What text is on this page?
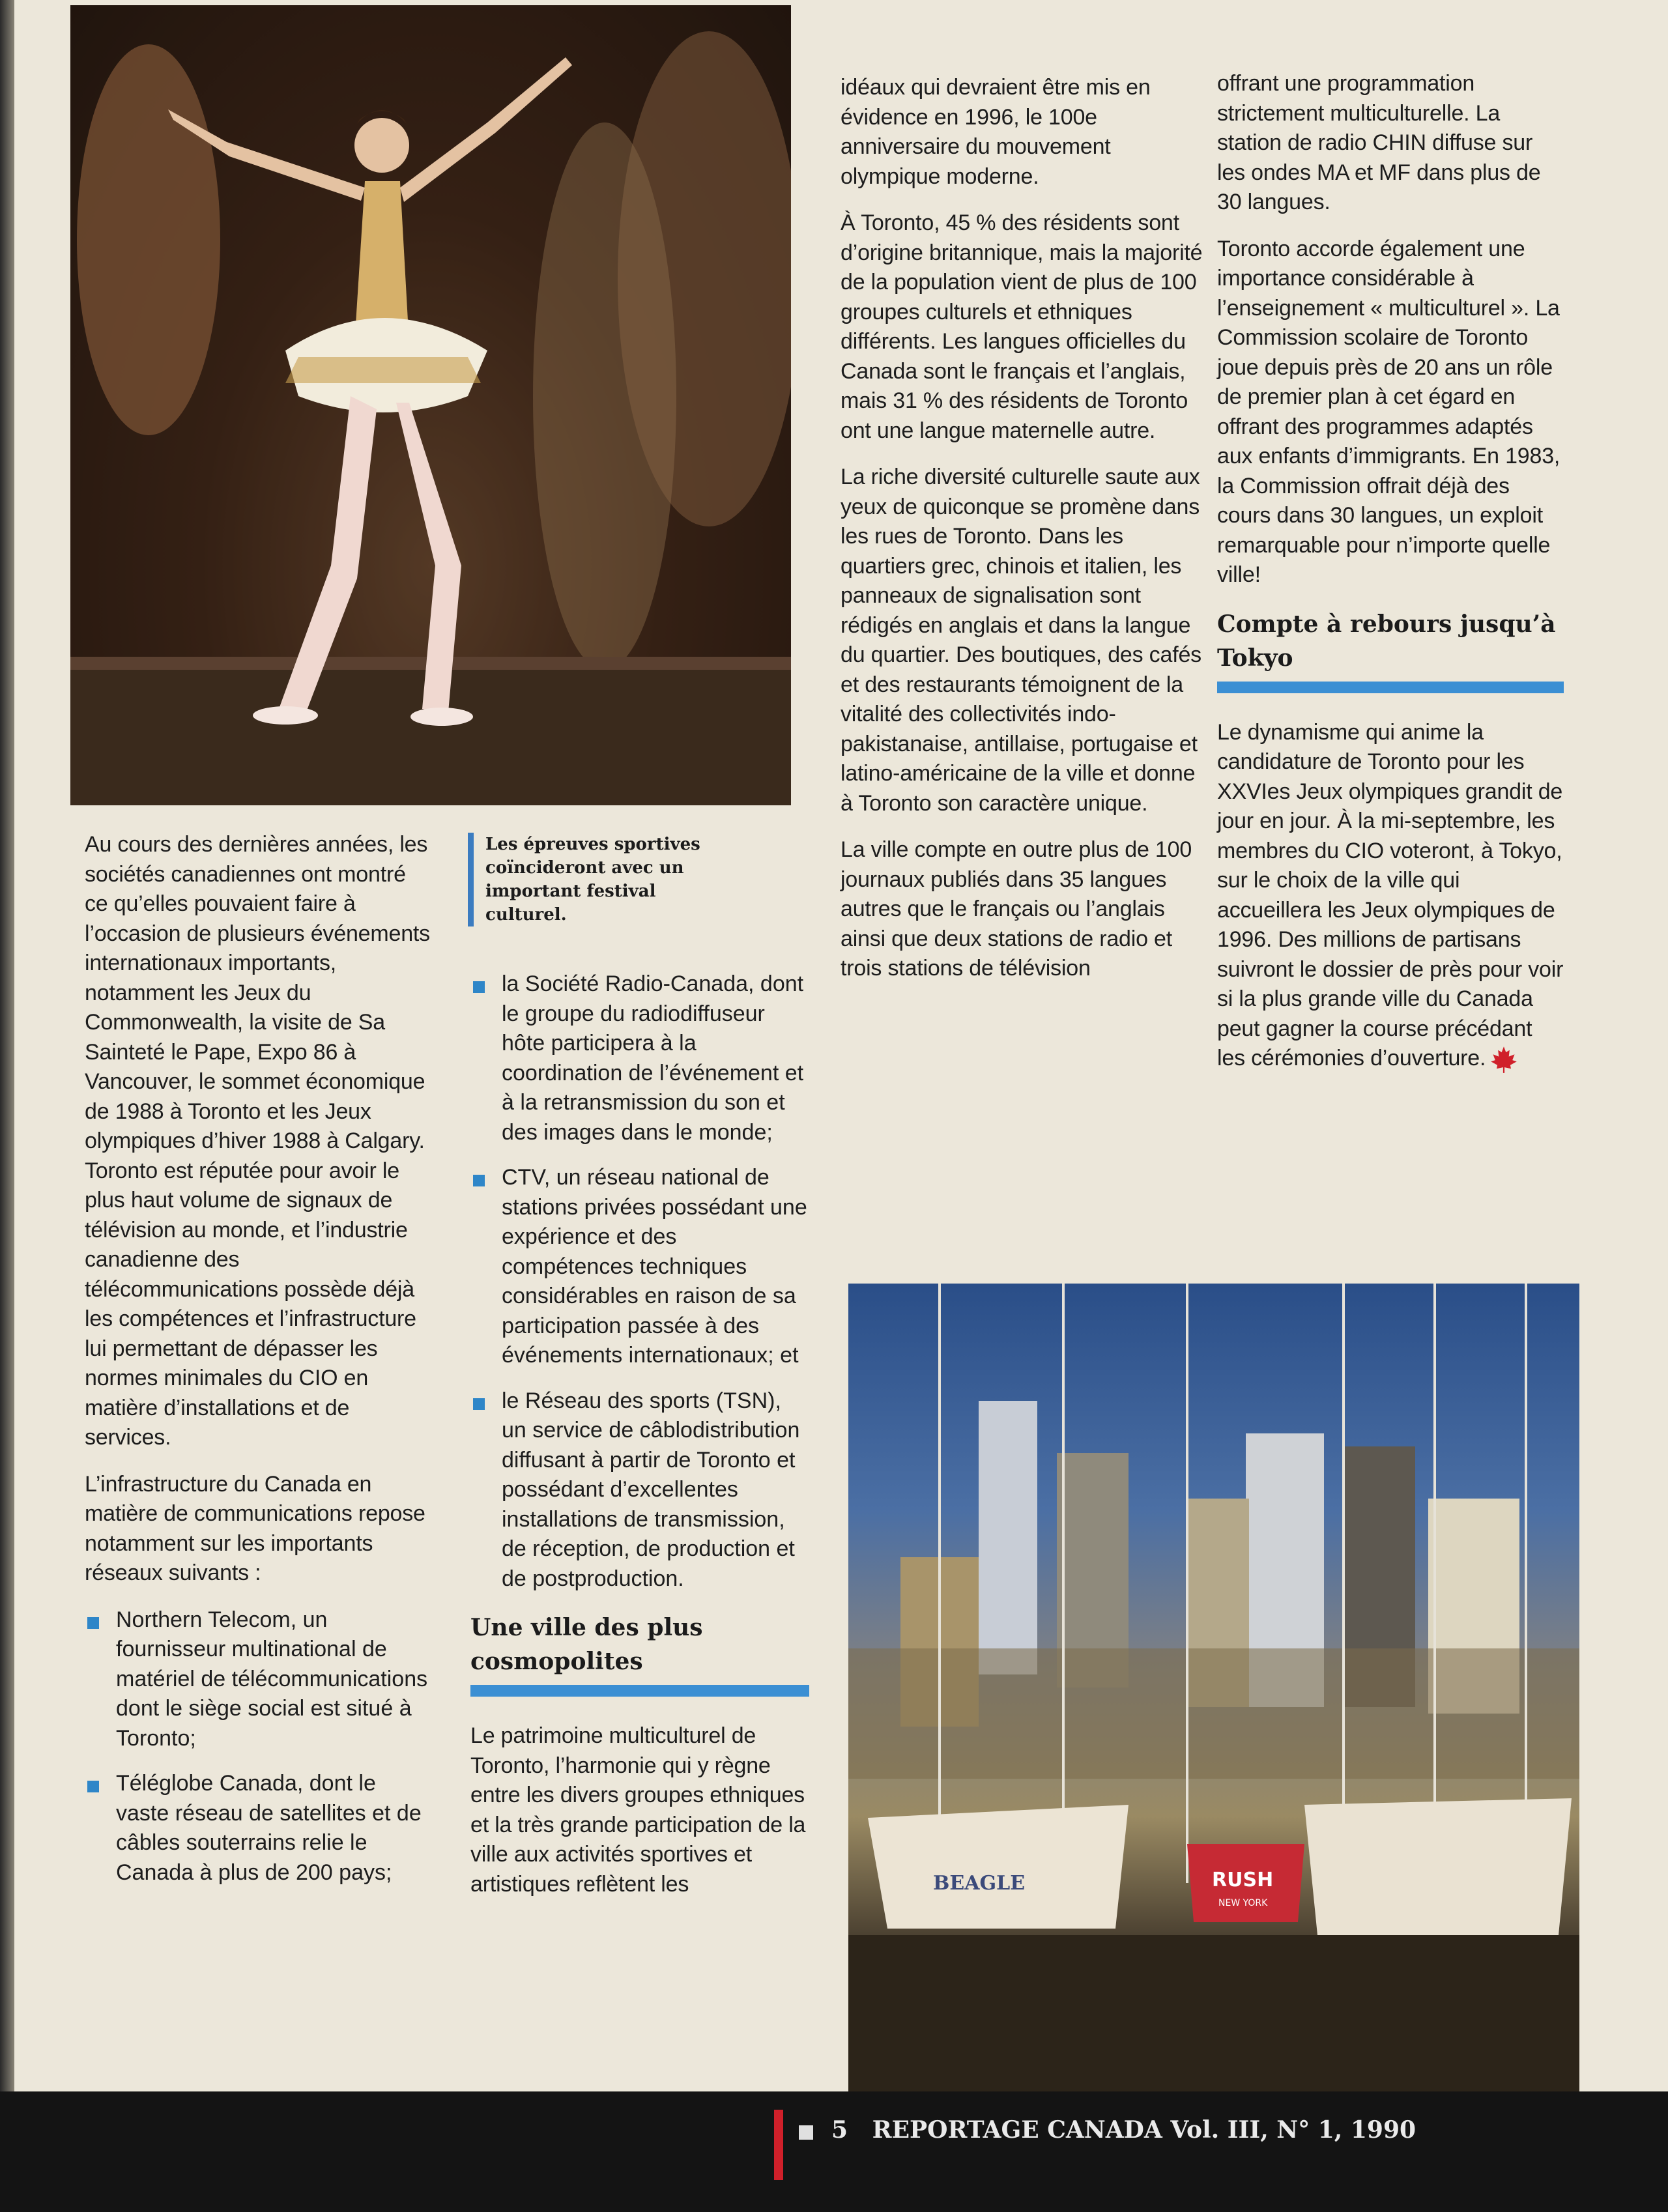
Au cours des dernières années, les sociétés canadiennes ont montré ce qu’elles pouvaient faire à l’occasion de plusieurs événements internationaux importants, notamment les Jeux du Commonwealth, la visite de Sa Sainteté le Pape, Expo 86 à Vancouver, le sommet économique de 1988 à Toronto et les Jeux olympiques d’hiver 1988 à Calgary. Toronto est réputée pour avoir le plus haut volume de signaux de télévision au monde, et l’industrie canadienne des télécommunications possède déjà les compétences et l’infrastructure lui permettant de dépasser les normes minimales du CIO en matière d’installations et de services.

L’infrastructure du Canada en matière de communications repose notamment sur les importants réseaux suivants :

Northern Telecom, un fournisseur multinational de matériel de télécommunications dont le siège social est situé à Toronto;
Téléglobe Canada, dont le vaste réseau de satellites et de câbles souterrains relie le Canada à plus de 200 pays;

Les épreuves sportives coïncideront avec un important festival culturel.

la Société Radio-Canada, dont le groupe du radiodiffuseur hôte participera à la coordination de l’événement et à la retransmission du son et des images dans le monde;
CTV, un réseau national de stations privées possédant une expérience et des compétences techniques considérables en raison de sa participation passée à des événements internationaux; et
le Réseau des sports (TSN), un service de câblodistribution diffusant à partir de Toronto et possédant d’excellentes installations de transmission, de réception, de production et de postproduction.
Une ville des plus cosmopolites

Le patrimoine multiculturel de Toronto, l’harmonie qui y règne entre les divers groupes ethniques et la très grande participation de la ville aux activités sportives et artistiques reflètent les

idéaux qui devraient être mis en évidence en 1996, le 100e anniversaire du mouvement olympique moderne.

À Toronto, 45 % des résidents sont d’origine britannique, mais la majorité de la population vient de plus de 100 groupes culturels et ethniques différents. Les langues officielles du Canada sont le français et l’anglais, mais 31 % des résidents de Toronto ont une langue maternelle autre.

La riche diversité culturelle saute aux yeux de quiconque se promène dans les rues de Toronto. Dans les quartiers grec, chinois et italien, les panneaux de signalisation sont rédigés en anglais et dans la langue du quartier. Des boutiques, des cafés et des restaurants témoignent de la vitalité des collectivités indo-pakistanaise, antillaise, portugaise et latino-américaine de la ville et donne à Toronto son caractère unique.

La ville compte en outre plus de 100 journaux publiés dans 35 langues autres que le français ou l’anglais ainsi que deux stations de radio et trois stations de télévision

offrant une programmation strictement multiculturelle. La station de radio CHIN diffuse sur les ondes MA et MF dans plus de 30 langues.

Toronto accorde également une importance considérable à l’enseignement « multiculturel ». La Commission scolaire de Toronto joue depuis près de 20 ans un rôle de premier plan à cet égard en offrant des programmes adaptés aux enfants d’immigrants. En 1983, la Commission offrait déjà des cours dans 30 langues, un exploit remarquable pour n’importe quelle ville!

Compte à rebours jusqu’à Tokyo

Le dynamisme qui anime la candidature de Toronto pour les XXVIes Jeux olympiques grandit de jour en jour. À la mi-septembre, les membres du CIO voteront, à Tokyo, sur le choix de la ville qui accueillera les Jeux olympiques de 1996. Des millions de partisans suivront le dossier de près pour voir si la plus grande ville du Canada peut gagner la course précédant les cérémonies d’ouverture.

BEAGLE	RUSH
NEW YORK
5 REPORTAGE CANADA Vol. III, N° 1, 1990
